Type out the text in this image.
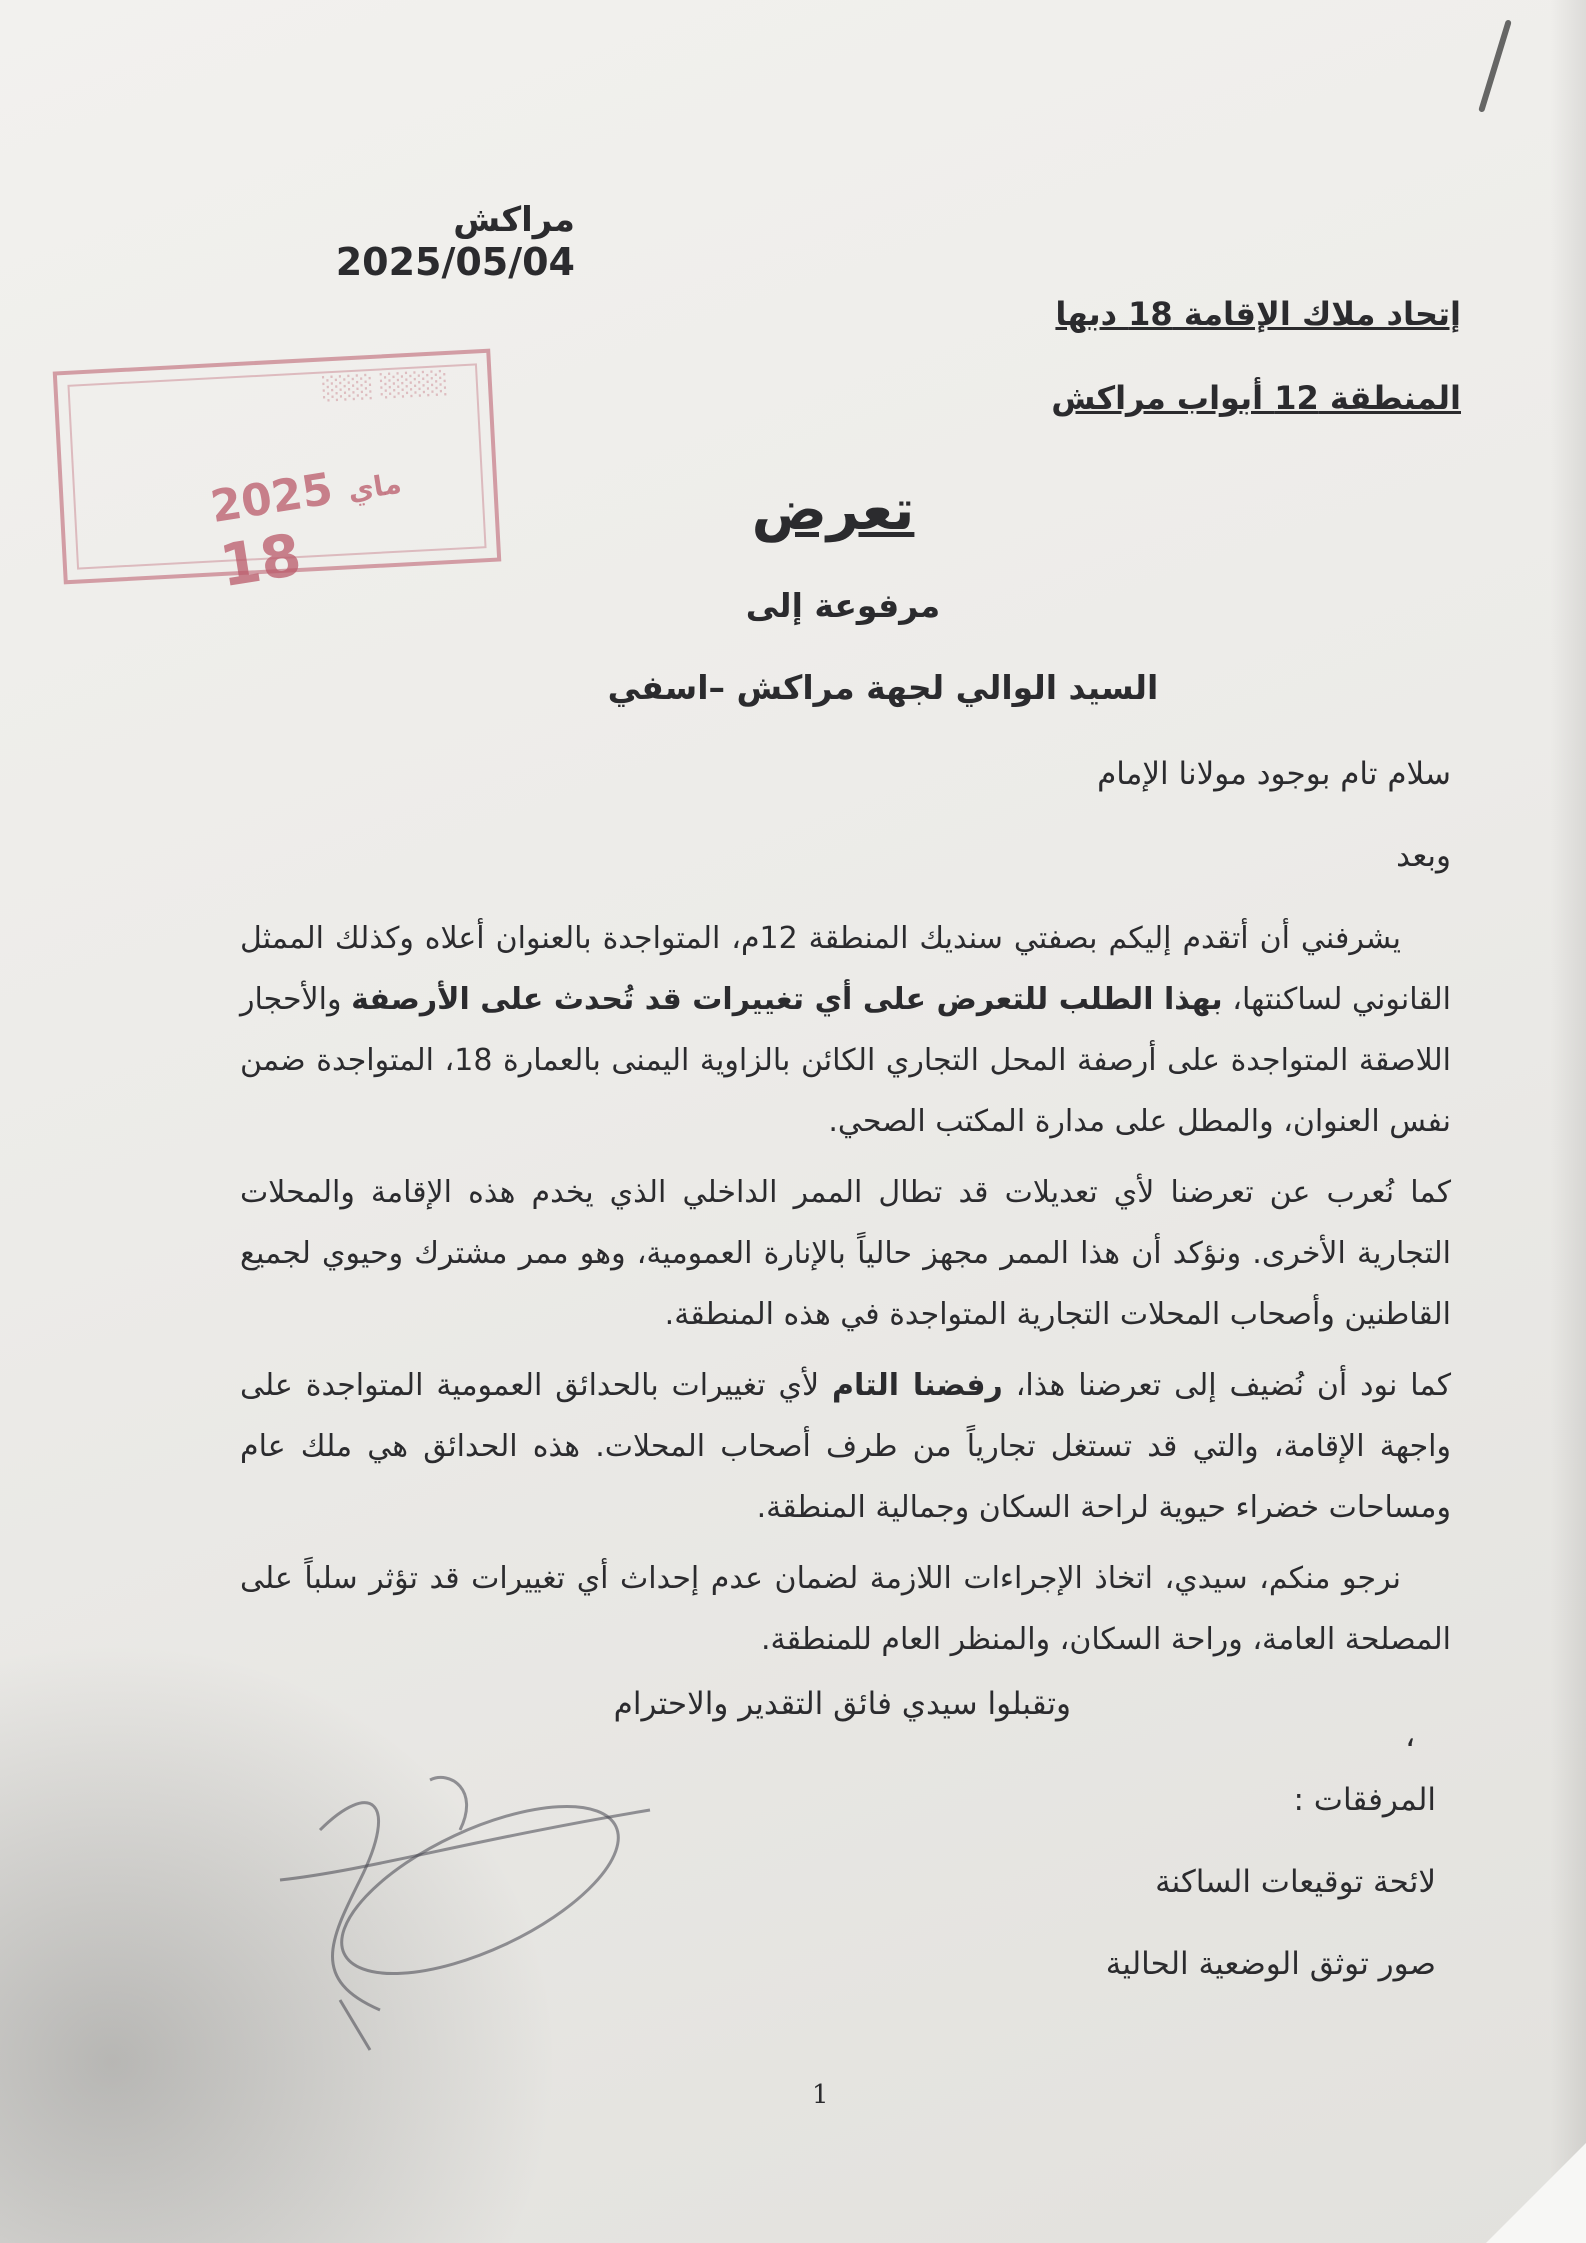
مراكش 2025/05/04
إتحاد ملاك الإقامة 18 دبها
المنطقة 12 أبواب مراكش
░░░░ ░░░
2025 ماي 18
تعرض
مرفوعة إلى
السيد الوالي لجهة مراكش –اسفي
سلام تام بوجود مولانا الإمام
وبعد
يشرفني أن أتقدم إليكم بصفتي سنديك المنطقة 12م، المتواجدة بالعنوان أعلاه وكذلك الممثل القانوني لساكنتها، بهذا الطلب للتعرض على أي تغييرات قد تُحدث على الأرصفة والأحجار اللاصقة المتواجدة على أرصفة المحل التجاري الكائن بالزاوية اليمنى بالعمارة 18، المتواجدة ضمن نفس العنوان، والمطل على مدارة المكتب الصحي.
كما نُعرب عن تعرضنا لأي تعديلات قد تطال الممر الداخلي الذي يخدم هذه الإقامة والمحلات التجارية الأخرى. ونؤكد أن هذا الممر مجهز حالياً بالإنارة العمومية، وهو ممر مشترك وحيوي لجميع القاطنين وأصحاب المحلات التجارية المتواجدة في هذه المنطقة.
كما نود أن نُضيف إلى تعرضنا هذا، رفضنا التام لأي تغييرات بالحدائق العمومية المتواجدة على واجهة الإقامة، والتي قد تستغل تجارياً من طرف أصحاب المحلات. هذه الحدائق هي ملك عام ومساحات خضراء حيوية لراحة السكان وجمالية المنطقة.
نرجو منكم، سيدي، اتخاذ الإجراءات اللازمة لضمان عدم إحداث أي تغييرات قد تؤثر سلباً على المصلحة العامة، وراحة السكان، والمنظر العام للمنطقة.
وتقبلوا سيدي فائق التقدير والاحترام
،
المرفقات :
لائحة توقيعات الساكنة
صور توثق الوضعية الحالية
1
